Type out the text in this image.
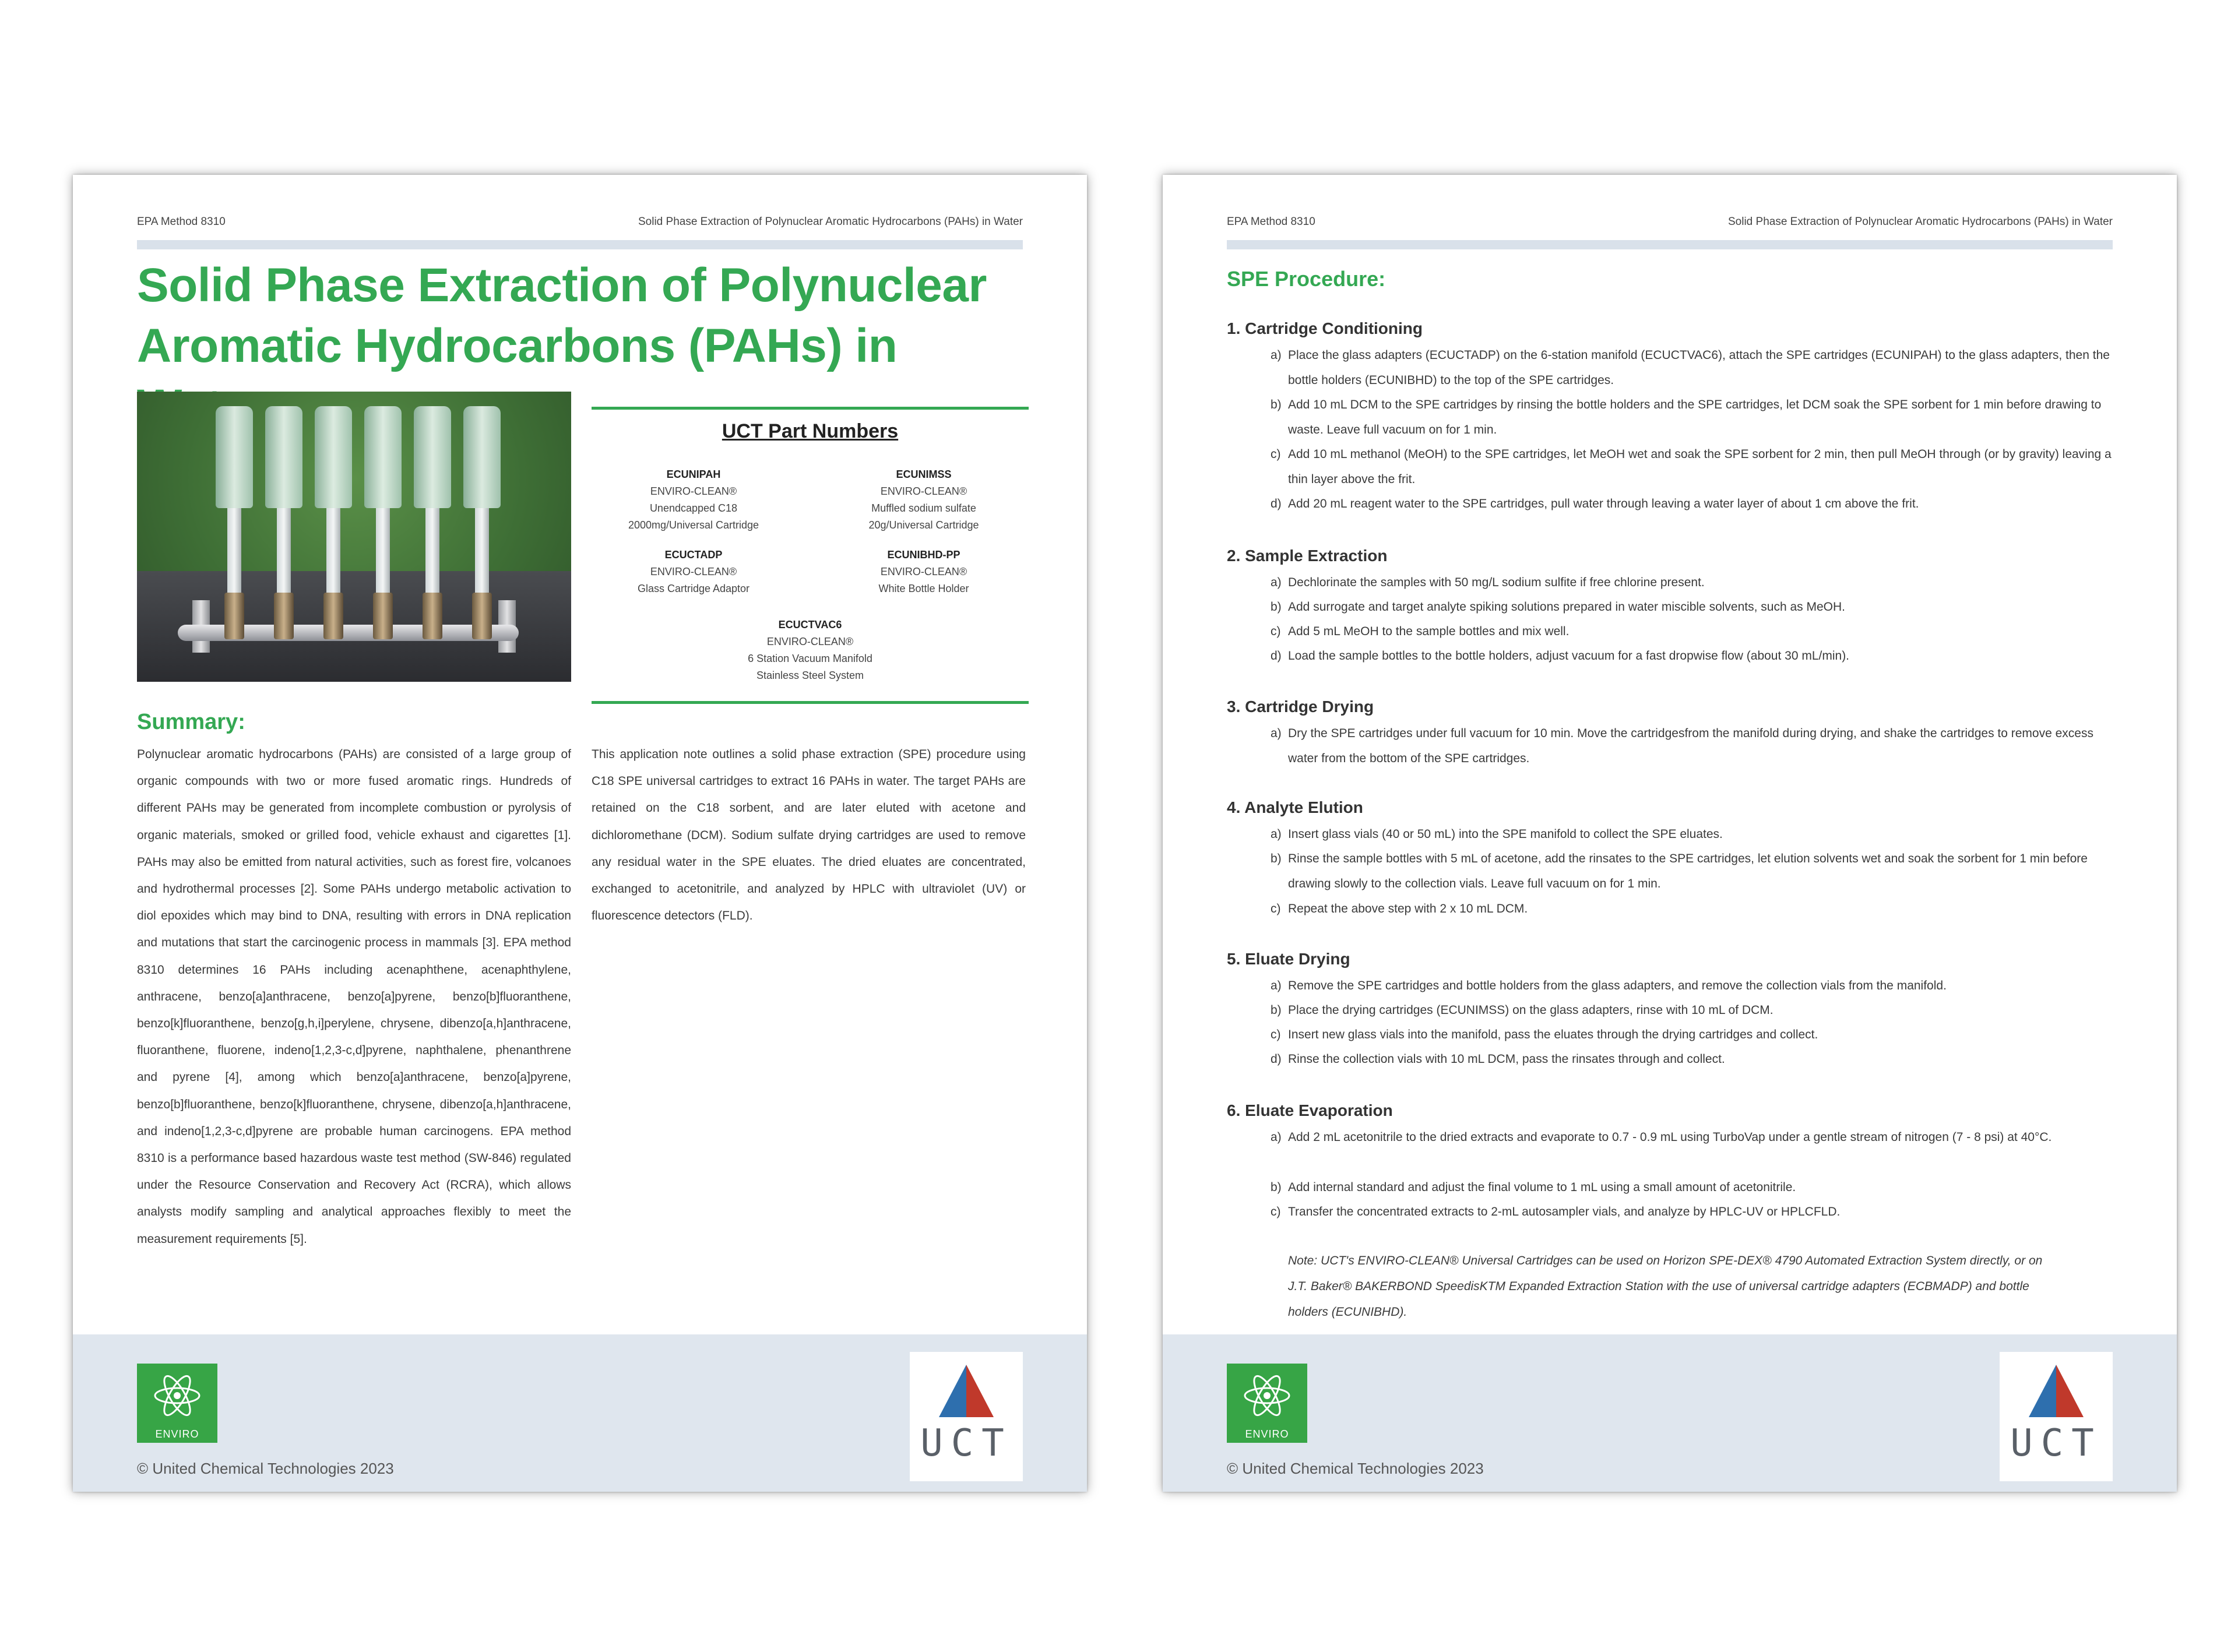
EPA Method 8310	Solid Phase Extraction of Polynuclear Aromatic Hydrocarbons (PAHs) in Water
Solid Phase Extraction of Polynuclear
Aromatic Hydrocarbons (PAHs) in
UCT Part Numbers
ECUNIPAH
ENVIRO-CLEAN®
Unendcapped C18
2000mg/Universal Cartridge
ECUNIMSS
ENVIRO-CLEAN®
Muffled sodium sulfate
20g/Universal Cartridge
ECUCTADP
ENVIRO-CLEAN®
Glass Cartridge Adaptor
ECUNIBHD-PP
ENVIRO-CLEAN®
White Bottle Holder
ECUCTVAC6
ENVIRO-CLEAN®
6 Station Vacuum Manifold
Stainless Steel System
Summary:
Polynuclear aromatic hydrocarbons (PAHs) are consisted of a large group of organic compounds with two or more fused aromatic rings. Hundreds of different PAHs may be generated from incomplete combustion or pyrolysis of organic materials, smoked or grilled food, vehicle exhaust and cigarettes [1]. PAHs may also be emitted from natural activities, such as forest fire, volcanoes and hydrothermal processes [2]. Some PAHs undergo metabolic activation to diol epoxides which may bind to DNA, resulting with errors in DNA replication and mutations that start the carcinogenic process in mammals [3]. EPA method 8310 determines 16 PAHs including acenaphthene, acenaphthylene, anthracene, benzo[a]anthracene, benzo[a]pyrene, benzo[b]fluoranthene, benzo[k]fluoranthene, benzo[g,h,i]perylene, chrysene, dibenzo[a,h]anthracene, fluoranthene, fluorene, indeno[1,2,3-c,d]pyrene, naphthalene, phenanthrene and pyrene [4], among which benzo[a]anthracene, benzo[a]pyrene, benzo[b]fluoranthene, benzo[k]fluoranthene, chrysene, dibenzo[a,h]anthracene, and indeno[1,2,3-c,d]pyrene are probable human carcinogens. EPA method 8310 is a performance based hazardous waste test method (SW-846) regulated under the Resource Conservation and Recovery Act (RCRA), which allows analysts modify sampling and analytical approaches flexibly to meet the measurement requirements [5].
This application note outlines a solid phase extraction (SPE) procedure using C18 SPE universal cartridges to extract 16 PAHs in water. The target PAHs are retained on the C18 sorbent, and are later eluted with acetone and dichloromethane (DCM). Sodium sulfate drying cartridges are used to remove any residual water in the SPE eluates. The dried eluates are concentrated, exchanged to acetonitrile, and analyzed by HPLC with ultraviolet (UV) or fluorescence detectors (FLD).
ENVIRO
© United Chemical Technologies 2023
UCT
EPA Method 8310	Solid Phase Extraction of Polynuclear Aromatic Hydrocarbons (PAHs) in Water
SPE Procedure:
1. Cartridge Conditioning
a) Place the glass adapters (ECUCTADP) on the 6-station manifold (ECUCTVAC6), attach the SPE cartridges (ECUNIPAH) to the glass adapters, then the bottle holders (ECUNIBHD) to the top of the SPE cartridges.
b) Add 10 mL DCM to the SPE cartridges by rinsing the bottle holders and the SPE cartridges, let DCM soak the SPE sorbent for 1 min before drawing to waste. Leave full vacuum on for 1 min.
c) Add 10 mL methanol (MeOH) to the SPE cartridges, let MeOH wet and soak the SPE sorbent for 2 min, then pull MeOH through (or by gravity) leaving a thin layer above the frit.
d) Add 20 mL reagent water to the SPE cartridges, pull water through leaving a water layer of about 1 cm above the frit.
2. Sample Extraction
a) Dechlorinate the samples with 50 mg/L sodium sulfite if free chlorine present.
b) Add surrogate and target analyte spiking solutions prepared in water miscible solvents, such as MeOH.
c) Add 5 mL MeOH to the sample bottles and mix well.
d) Load the sample bottles to the bottle holders, adjust vacuum for a fast dropwise flow (about 30 mL/min).
3. Cartridge Drying
a) Dry the SPE cartridges under full vacuum for 10 min. Move the cartridgesfrom the manifold during drying, and shake the cartridges to remove excess water from the bottom of the SPE cartridges.
4. Analyte Elution
a) Insert glass vials (40 or 50 mL) into the SPE manifold to collect the SPE eluates.
b) Rinse the sample bottles with 5 mL of acetone, add the rinsates to the SPE cartridges, let elution solvents wet and soak the sorbent for 1 min before drawing slowly to the collection vials. Leave full vacuum on for 1 min.
c) Repeat the above step with 2 x 10 mL DCM.
5. Eluate Drying
a) Remove the SPE cartridges and bottle holders from the glass adapters, and remove the collection vials from the manifold.
b) Place the drying cartridges (ECUNIMSS) on the glass adapters, rinse with 10 mL of DCM.
c) Insert new glass vials into the manifold, pass the eluates through the drying cartridges and collect.
d) Rinse the collection vials with 10 mL DCM, pass the rinsates through and collect.
6. Eluate Evaporation
a) Add 2 mL acetonitrile to the dried extracts and evaporate to 0.7 - 0.9 mL using TurboVap under a gentle stream of nitrogen (7 - 8 psi) at 40°C.
b) Add internal standard and adjust the final volume to 1 mL using a small amount of acetonitrile.
c) Transfer the concentrated extracts to 2-mL autosampler vials, and analyze by HPLC-UV or HPLCFLD.
Note: UCT's ENVIRO-CLEAN® Universal Cartridges can be used on Horizon SPE-DEX® 4790 Automated Extraction System directly, or on J.T. Baker® BAKERBOND SpeedisKTM Expanded Extraction Station with the use of universal cartridge adapters (ECBMADP) and bottle holders (ECUNIBHD).
ENVIRO
© United Chemical Technologies 2023
UCT
